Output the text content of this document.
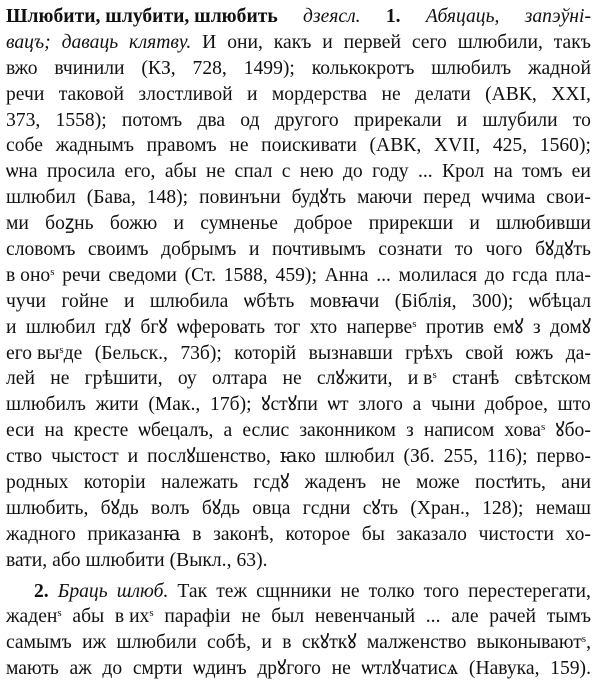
Шлюбити, шлубити, шлюбить дзеясл. 1. Абяцаць, запэўні-
вацъ; даваць клятву. И они, какъ и первей сего шлюбили, такъ
вжо вчинили (КЗ, 728, 1499); колькокротъ шлюбилъ жадной
речи таковой злостливой и мордерства не делати (АВК, XXI,
373, 1558); потомъ два од другого прирекали и шлубили то
собе жаднымъ правомъ не поискивати (АВК, XVII, 425, 1560);
ѡна просила его, абы не спал с нею до году ... Крол на томъ еи
шлюбил (Бава, 148); повинъни будꙋть маючи перед ѡчима свои-
ми боꙁнь божю и сумненье доброе прирекши и шлюбивши
словомъ своимъ добрымъ и почтивымъ сознати то чого бꙋдꙋть
в оно$^s$ речи сведоми (Ст. 1588, 459); Анна ... молилася до гсда пла-
чучи гойне и шлюбила ѡбѣть мовꙗчи (Біблія, 300); ѡбѣцал
и шлюбил гдꙋ бгꙋ ѡферовать тог хто наперве$^s$ против емꙋ з домꙋ
его $вы^sде$ (Бельск., 73б); которій вызнавши грѣхъ свой южъ да-
лей не грѣшити, оу олтара не слꙋжити, и $в^s$ станѣ свѣтском
шлюбилъ жити (Мак., 17б); ꙋстꙋпи ѡт злого а чыни доброе, што
еси на кресте ѡбецалъ, а еслис законником з написом хова$^s$ ꙋбо-
ство чыстост и послꙋшенство, ꙗко шлюбил (Зб. 255, 116); перво-
родных которіи належать гсдꙋ жаденъ не може постͭить, ани
шлюбить, бꙋдь волъ бꙋдь овца гсдни сꙋть (Хран., 128); немаш
жадного приказанꙗ в законѣ, которое бы заказало чистости хо-
вати, або шлюбити (Выкл., 63).
2. Браць шлюб. Так теж сщнники не толко того перестерегати,
жаден$^s$ абы в $их^s$ парафіи не был невенчаный ... але рачей тымъ
самымъ иж шлюбили собѣ, и в скꙋткꙋ малженство выконывают$^s$,
мають аж до смрти ѡдинъ дрꙋгого не ѡтлꙋчатисѧ (Навука, 159).
